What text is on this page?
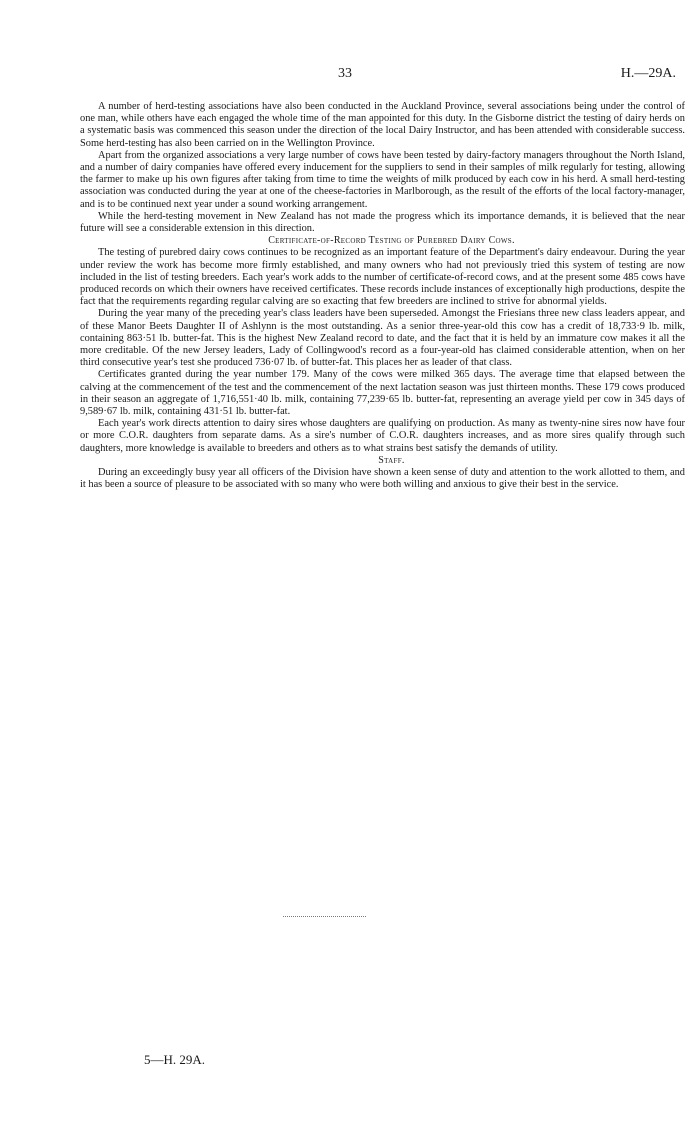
33	H.—29A.

A number of herd-testing associations have also been conducted in the Auckland Province, several associations being under the control of one man, while others have each engaged the whole time of the man appointed for this duty. In the Gisborne district the testing of dairy herds on a systematic basis was commenced this season under the direction of the local Dairy Instructor, and has been attended with considerable success. Some herd-testing has also been carried on in the Wellington Province.

Apart from the organized associations a very large number of cows have been tested by dairy-factory managers throughout the North Island, and a number of dairy companies have offered every inducement for the suppliers to send in their samples of milk regularly for testing, allowing the farmer to make up his own figures after taking from time to time the weights of milk produced by each cow in his herd. A small herd-testing association was conducted during the year at one of the cheese-factories in Marlborough, as the result of the efforts of the local factory-manager, and is to be continued next year under a sound working arrangement.

While the herd-testing movement in New Zealand has not made the progress which its importance demands, it is believed that the near future will see a considerable extension in this direction.

Certificate-of-Record Testing of Purebred Dairy Cows.

The testing of purebred dairy cows continues to be recognized as an important feature of the Department's dairy endeavour. During the year under review the work has become more firmly established, and many owners who had not previously tried this system of testing are now included in the list of testing breeders. Each year's work adds to the number of certificate-of-record cows, and at the present some 485 cows have produced records on which their owners have received certificates. These records include instances of exceptionally high productions, despite the fact that the requirements regarding regular calving are so exacting that few breeders are inclined to strive for abnormal yields.

During the year many of the preceding year's class leaders have been superseded. Amongst the Friesians three new class leaders appear, and of these Manor Beets Daughter II of Ashlynn is the most outstanding. As a senior three-year-old this cow has a credit of 18,733·9 lb. milk, containing 863·51 lb. butter-fat. This is the highest New Zealand record to date, and the fact that it is held by an immature cow makes it all the more creditable. Of the new Jersey leaders, Lady of Collingwood's record as a four-year-old has claimed considerable attention, when on her third consecutive year's test she produced 736·07 lb. of butter-fat. This places her as leader of that class.

Certificates granted during the year number 179. Many of the cows were milked 365 days. The average time that elapsed between the calving at the commencement of the test and the commencement of the next lactation season was just thirteen months. These 179 cows produced in their season an aggregate of 1,716,551·40 lb. milk, containing 77,239·65 lb. butter-fat, representing an average yield per cow in 345 days of 9,589·67 lb. milk, containing 431·51 lb. butter-fat.

Each year's work directs attention to dairy sires whose daughters are qualifying on production. As many as twenty-nine sires now have four or more C.O.R. daughters from separate dams. As a sire's number of C.O.R. daughters increases, and as more sires qualify through such daughters, more knowledge is available to breeders and others as to what strains best satisfy the demands of utility.

Staff.

During an exceedingly busy year all officers of the Division have shown a keen sense of duty and attention to the work allotted to them, and it has been a source of pleasure to be associated with so many who were both willing and anxious to give their best in the service.

5—H. 29A.
